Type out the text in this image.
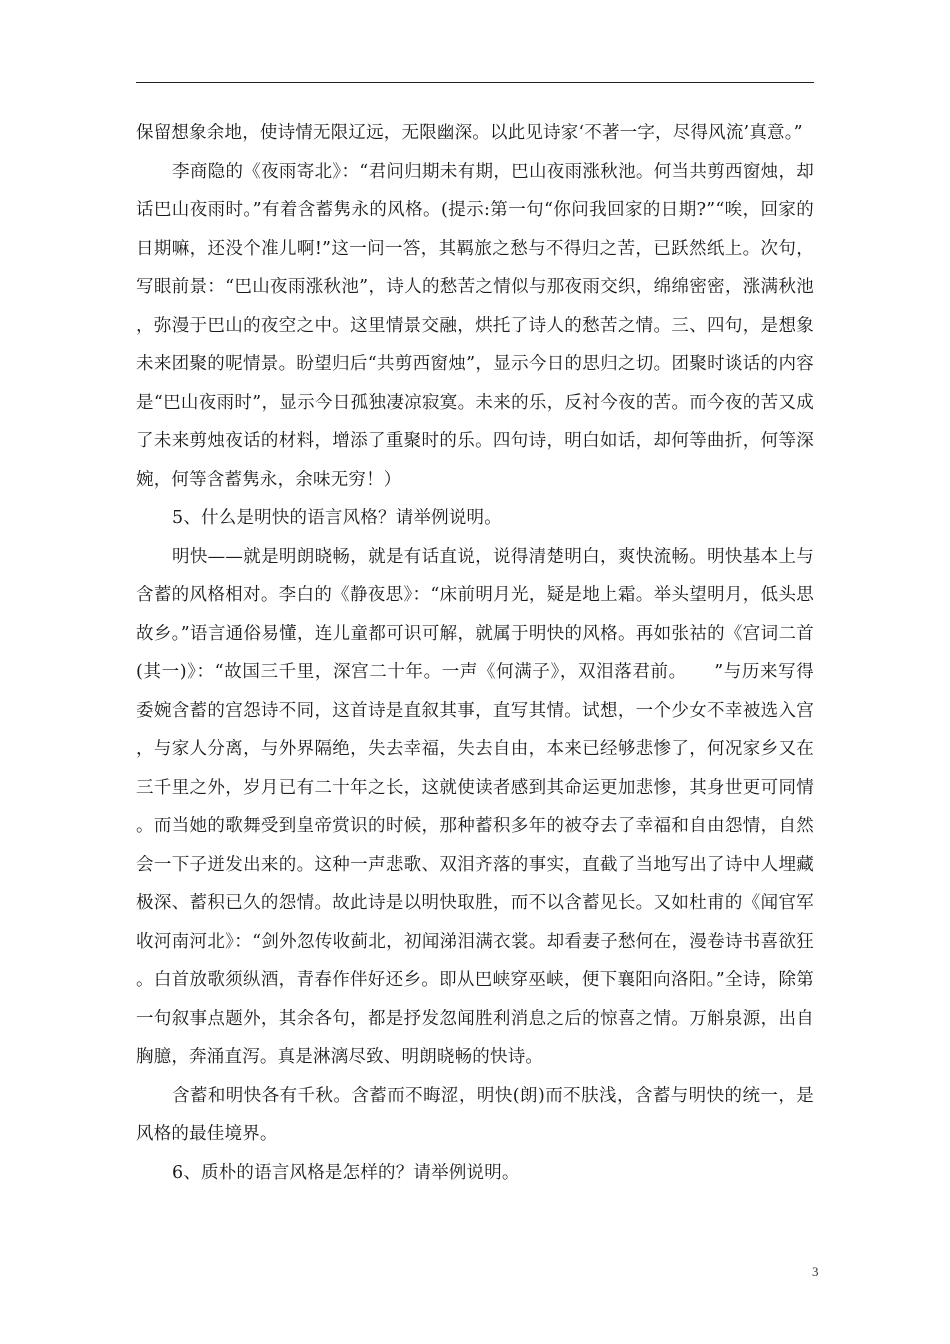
保留想象余地，使诗情无限辽远，无限幽深。以此见诗家‘不著一字，尽得风流’真意。”

李商隐的《夜雨寄北》：“君问归期未有期，巴山夜雨涨秋池。何当共剪西窗烛，却话巴山夜雨时。”有着含蓄隽永的风格。(提示:第一句“你问我回家的日期?”“唉，回家的日期嘛，还没个准儿啊!”这一问一答，其羁旅之愁与不得归之苦，已跃然纸上。次句，写眼前景：“巴山夜雨涨秋池”，诗人的愁苦之情似与那夜雨交织，绵绵密密，涨满秋池，弥漫于巴山的夜空之中。这里情景交融，烘托了诗人的愁苦之情。三、四句，是想象未来团聚的呢情景。盼望归后“共剪西窗烛”，显示今日的思归之切。团聚时谈话的内容是“巴山夜雨时”，显示今日孤独凄凉寂寞。未来的乐，反衬今夜的苦。而今夜的苦又成了未来剪烛夜话的材料，增添了重聚时的乐。四句诗，明白如话，却何等曲折，何等深婉，何等含蓄隽永，余味无穷！）

5、什么是明快的语言风格？请举例说明。

明快——就是明朗晓畅，就是有话直说，说得清楚明白，爽快流畅。明快基本上与含蓄的风格相对。李白的《静夜思》：“床前明月光，疑是地上霜。举头望明月，低头思故乡。”语言通俗易懂，连儿童都可识可解，就属于明快的风格。再如张祜的《宫词二首(其一)》：“故国三千里，深宫二十年。一声《何满子》，双泪落君前。　　”与历来写得委婉含蓄的宫怨诗不同，这首诗是直叙其事，直写其情。试想，一个少女不幸被选入宫，与家人分离，与外界隔绝，失去幸福，失去自由，本来已经够悲惨了，何况家乡又在三千里之外，岁月已有二十年之长，这就使读者感到其命运更加悲惨，其身世更可同情。而当她的歌舞受到皇帝赏识的时候，那种蓄积多年的被夺去了幸福和自由怨情，自然会一下子迸发出来的。这种一声悲歌、双泪齐落的事实，直截了当地写出了诗中人埋藏极深、蓄积已久的怨情。故此诗是以明快取胜，而不以含蓄见长。又如杜甫的《闻官军收河南河北》：“剑外忽传收蓟北，初闻涕泪满衣裳。却看妻子愁何在，漫卷诗书喜欲狂。白首放歌须纵酒，青春作伴好还乡。即从巴峡穿巫峡，便下襄阳向洛阳。”全诗，除第一句叙事点题外，其余各句，都是抒发忽闻胜利消息之后的惊喜之情。万斛泉源，出自胸臆，奔涌直泻。真是淋漓尽致、明朗晓畅的快诗。

含蓄和明快各有千秋。含蓄而不晦涩，明快(朗)而不肤浅，含蓄与明快的统一，是风格的最佳境界。

6、质朴的语言风格是怎样的？请举例说明。

3
